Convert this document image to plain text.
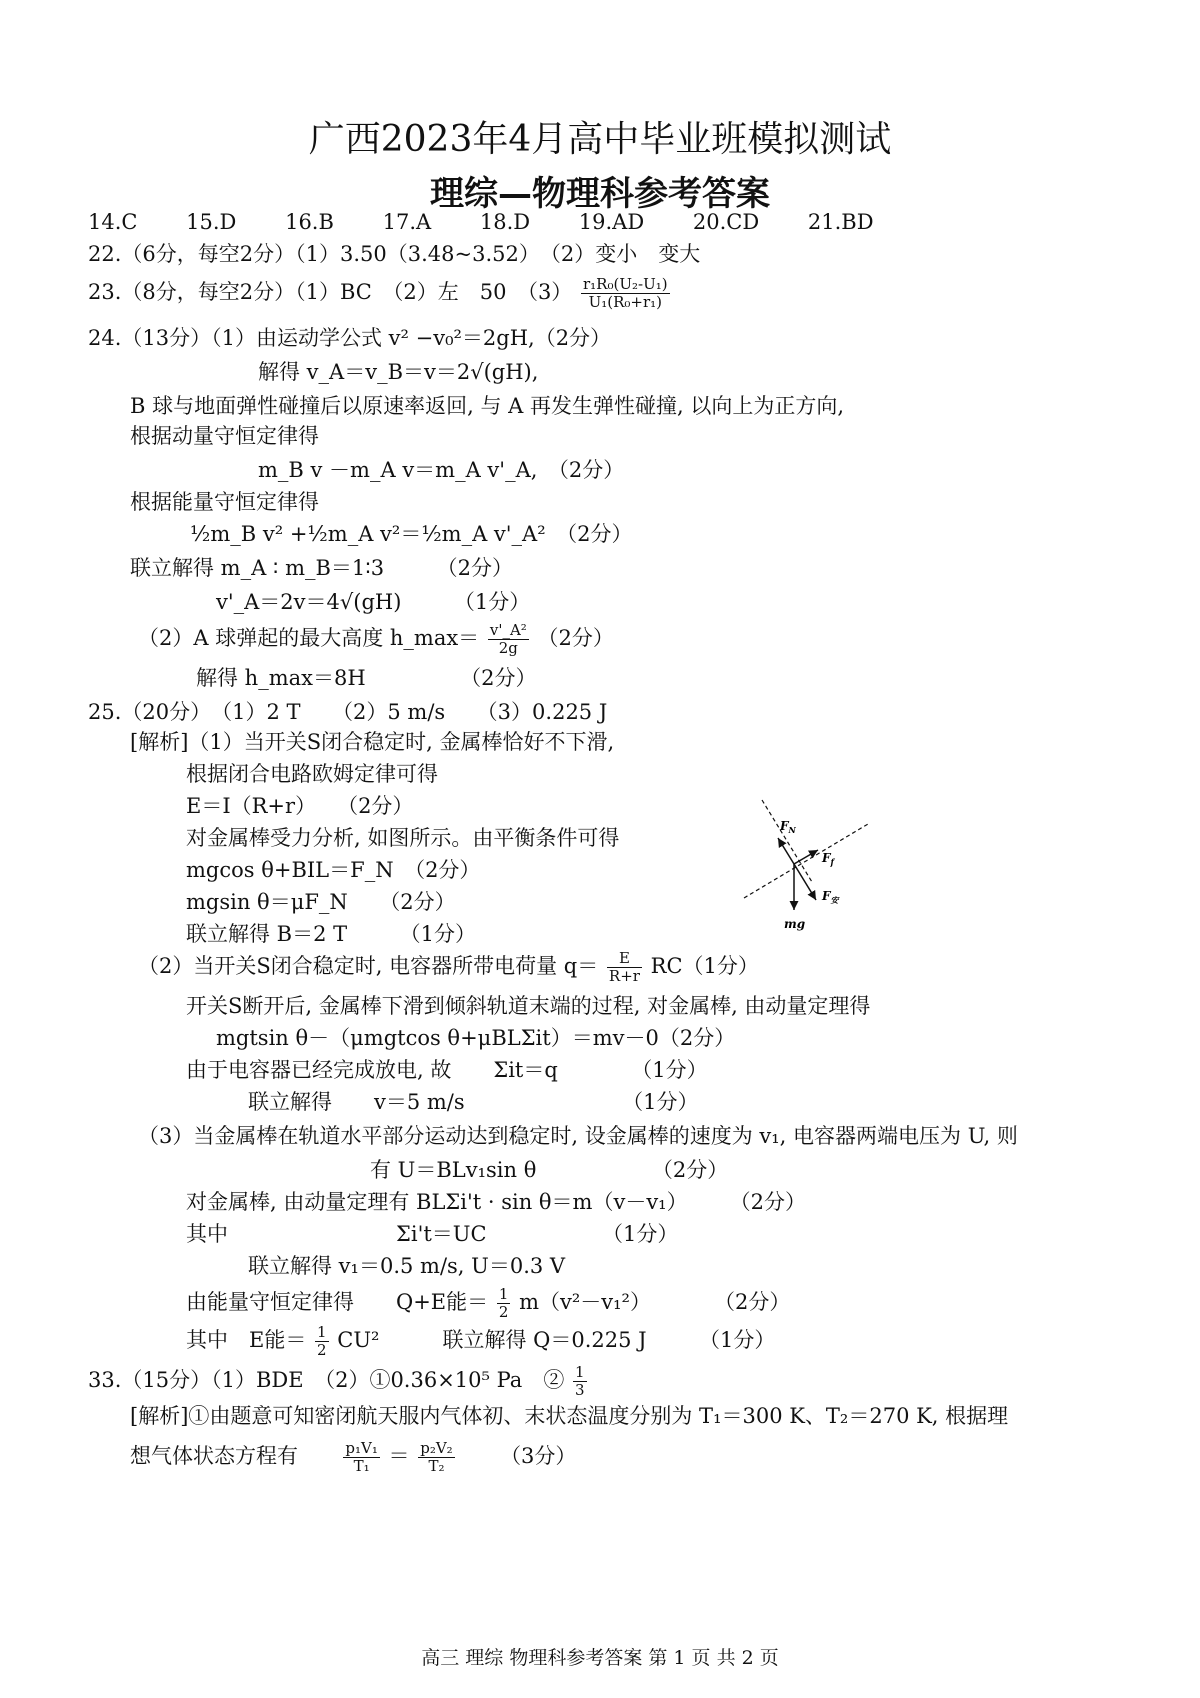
广西2023年4月高中毕业班模拟测试
理综—物理科参考答案
14.C 15.D 16.B 17.A 18.D 19.AD 20.CD 21.BD
22.（6分，每空2分）（1）3.50（3.48~3.52）　（2）变小　变大
23.（8分，每空2分）（1）BC　（2）左　50　$(3) \frac{\text{r₁R₀(U₂-U₁)}}{\text{U₁(R₀+r₁)}}$
24.（13分）（1）由运动学公式 v² −v₀²＝2gH,（2分）
解得 v_A＝v_B＝v＝2√(gH),
B 球与地面弹性碰撞后以原速率返回, 与 A 再发生弹性碰撞, 以向上为正方向,
根据动量守恒定律得
m_B v －m_A v＝m_A v'_A,　（2分）
根据能量守恒定律得
½m_B v² +½m_A v²＝½m_A v'_A²　（2分）
联立解得 m_A ∶ m_B＝1∶3　　　（2分）
v'_A＝2v＝4√(gH)　　　（1分）
（2）A 球弹起的最大高度 h_max＝ $\frac{\text{v'\_A²}}{2g} (2$分）
解得 h_max＝8H　　　　　（2分）
25.（20分）　（1）2 T　　（2）5 m/s　　（3）0.225 J
[解析]（1）当开关S闭合稳定时, 金属棒恰好不下滑,
根据闭合电路欧姆定律可得
E＝I（R+r）　　（2分）
对金属棒受力分析, 如图所示。由平衡条件可得
mgcos θ+BIL＝F_N　（2分）
mgsin θ＝μF_N　　（2分）
联立解得 B＝2 T　　　（1分）
$F_N$
$F_f$
$F_安$
mg
（2）当开关S闭合稳定时, 电容器所带电荷量 $q= \frac{E}{R+r} RC(1$分）
开关S断开后, 金属棒下滑到倾斜轨道末端的过程, 对金属棒, 由动量定理得
mgtsin θ－（μmgtcos θ+μBLΣit）＝mv－0（2分）
由于电容器已经完成放电, 故　　Σit＝q　　　　（1分）
联立解得　　v＝5 m/s　　　　　　　　（1分）
（3）当金属棒在轨道水平部分运动达到稳定时, 设金属棒的速度为 v₁, 电容器两端电压为 U, 则
有 U＝BLv₁sin θ　　　　　　（2分）
对金属棒, 由动量定理有 BLΣi't · sin θ＝m（v－v₁）　　　（2分）
其中　　　　　　　　Σi't＝UC　　　　　　（1分）
联立解得 v₁＝0.5 m/s, U＝0.3 V
由能量守恒定律得　　Q+E能＝ $\frac{1}{2} m(v^2-v_1^2)$　　　　（2分）
其中　E能＝ $\frac{1}{2} CU^2$　　　联立解得 Q＝0.225 J　　　（1分）
33.（15分）（1）BDE　（2）①0.36×10⁵ Pa　② $\frac{1}{3}$
[解析]①由题意可知密闭航天服内气体初、末状态温度分别为 T₁＝300 K、T₂＝270 K, 根据理
想气体状态方程有	$\frac{\text{p₁V₁}}{\text{T₁}} = \frac{\text{p₂V₂}}{\text{T₂}} (3$分）
高三 理综 物理科参考答案 第 1 页 共 2 页
